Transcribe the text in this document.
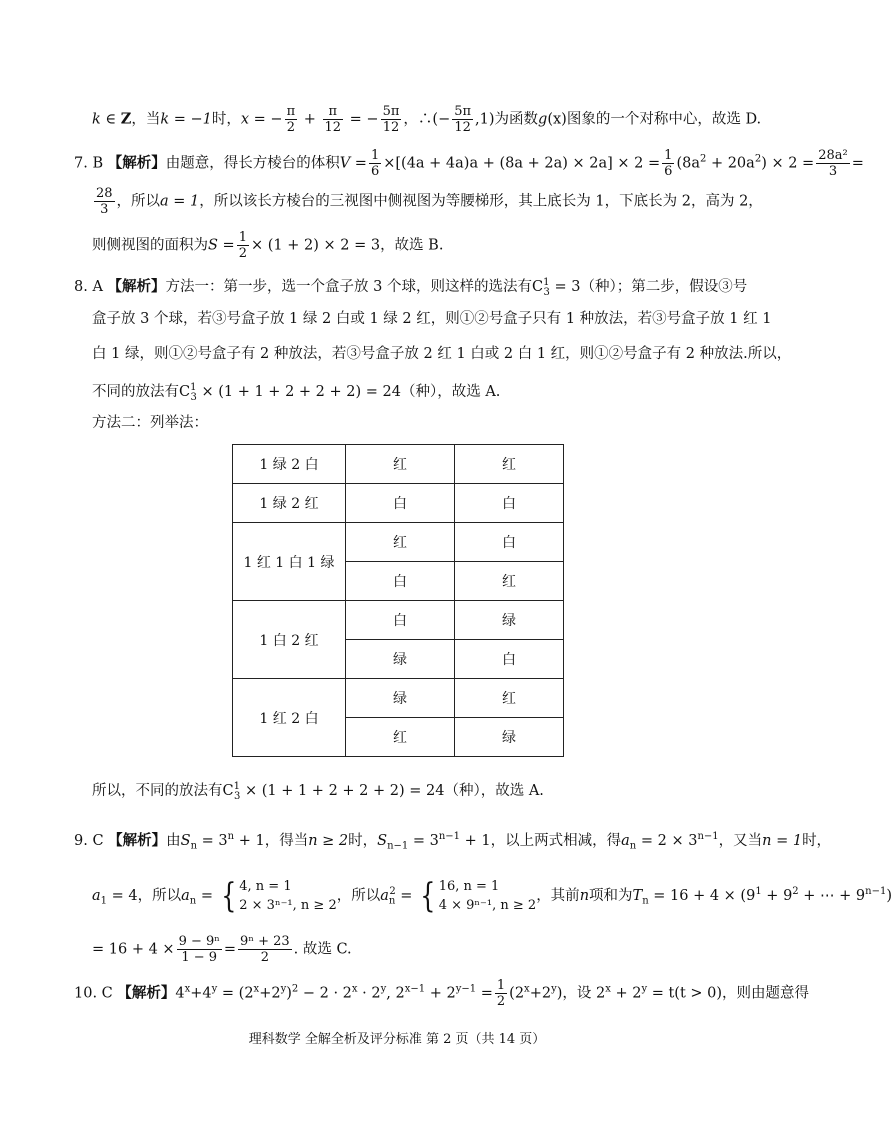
k ∈ Z，当k = −1时，x = − $\frac{\pi}{2} + \frac{\pi}{12}$ = − $\frac{5\pi}{12}$ ，∴(− $\frac{5\pi}{12} ,1$)为函数g(x)图象的一个对称中心，故选 D.
7. B 【解析】由题意，得长方棱台的体积$V = \frac{1}{6} \times[(4a + 4a)a + (8a + 2a) \times 2a] \times 2 = \frac{1}{6} (8a^2 + 20a^2) \times 2 = \frac{\text{28a²}}{3}$ =
$\frac{28}{3}$ ，所以a = 1，所以该长方棱台的三视图中侧视图为等腰梯形，其上底长为 1，下底长为 2，高为 2，
则侧视图的面积为$S = \frac{1}{2} \times (1 + 2) \times 2 = 3$，故选 B.
8. A 【解析】方法一：第一步，选一个盒子放 3 个球，则这样的选法有$C^1_3 = 3$（种）；第二步，假设③号
盒子放 3 个球，若③号盒子放 1 绿 2 白或 1 绿 2 红，则①②号盒子只有 1 种放法，若③号盒子放 1 红 1
白 1 绿，则①②号盒子有 2 种放法，若③号盒子放 2 红 1 白或 2 白 1 红，则①②号盒子有 2 种放法.所以，
不同的放法有$C^1_3 \times (1 + 1 + 2 + 2 + 2) = 24$（种），故选 A.
方法二：列举法：
1 绿 2 白	红	红
1 绿 2 红	白	白
1 红 1 白 1 绿	红	白
	白	红
1 白 2 红	白	绿
	绿	白
1 红 2 白	绿	红
	红	绿
所以，不同的放法有$C^1_3 \times (1 + 1 + 2 + 2 + 2) = 24$（种），故选 A.
9. C 【解析】由$S_n = 3^n + 1$，得当n ≥ 2时，$S_{n-1} = 3^{n-1} + 1$，以上两式相减，得$a_n = 2 \times 3^{n-1}$，又当n = 1时，
$a_1 = 4$，所以$a_n$ = { 4, n = 1
2 × 3ⁿ⁻¹, n ≥ 2
，所以$a_n^2$ = { 16, n = 1
4 × 9ⁿ⁻¹, n ≥ 2
，其前n项和为$T_n = 16 + 4 \times (9^1 + 9^2$ + ⋯ + $9^{n-1}$)
= $16 + 4 \times \frac{\text{9 − 9ⁿ}}{1 - 9} = \frac{\text{9ⁿ + 23}}{2}$ . 故选 C.
10. C 【解析】$4^x+4^y = (2^x+2^y)^2 - 2 \cdot 2^x \cdot 2^y$, $2^{x-1} + 2^{y-1} = \frac{1}{2} (2^x+2^y)$，设 $2^x + 2^y = t(t > 0)$，则由题意得
理科数学 全解全析及评分标准 第 2 页（共 14 页）
